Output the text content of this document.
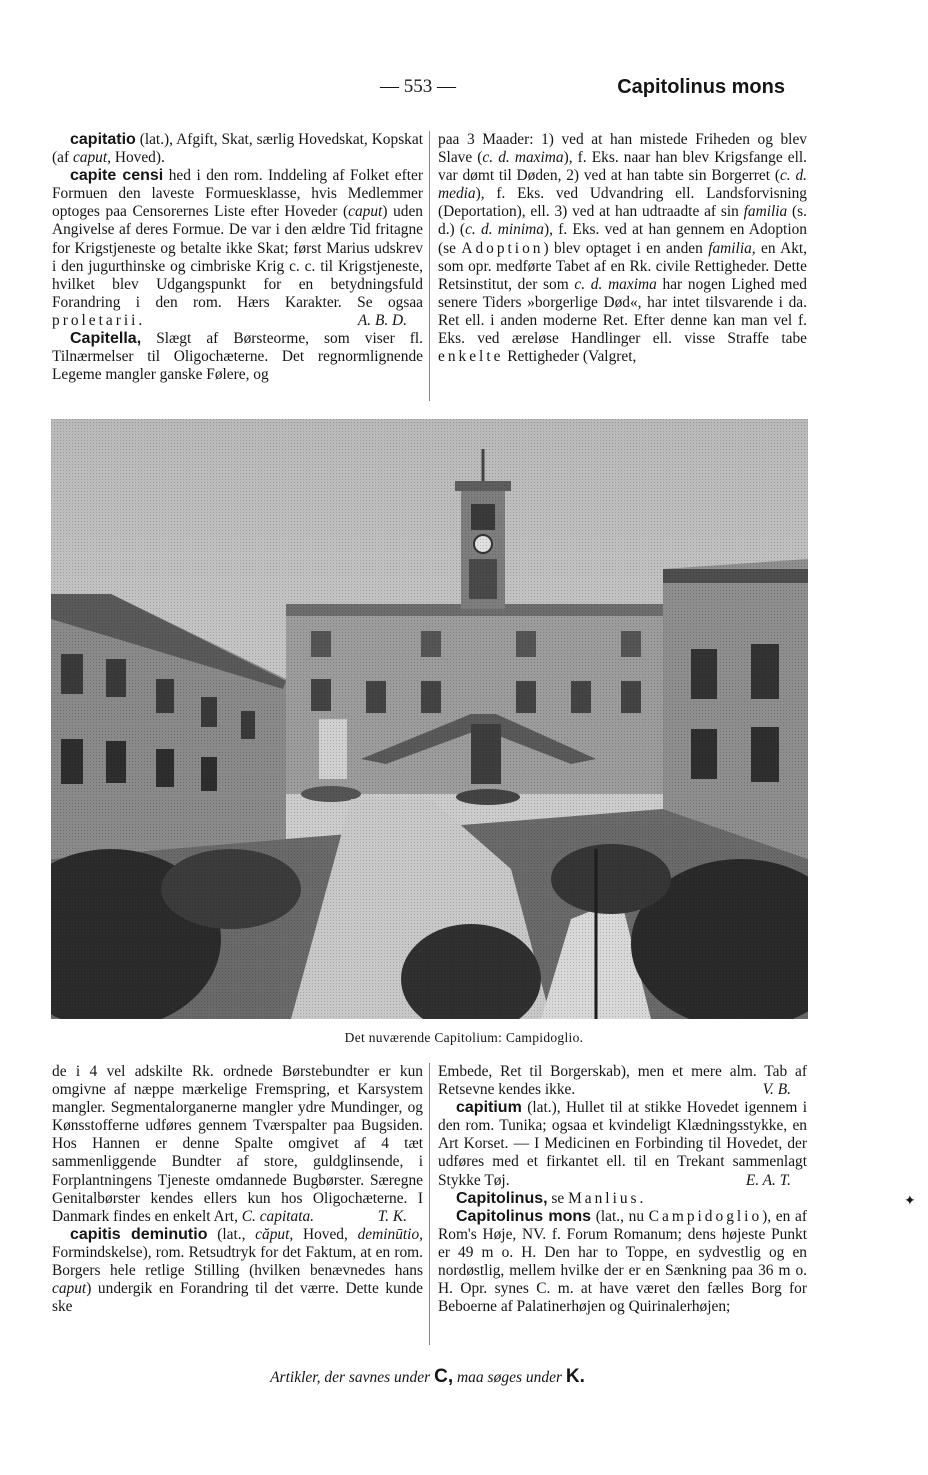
— 553 —	Capitolinus mons

capitatio (lat.), Afgift, Skat, særlig Hovedskat, Kopskat (af caput, Hoved).

capite censi hed i den rom. Inddeling af Folket efter Formuen den laveste Formuesklasse, hvis Medlemmer optoges paa Censorernes Liste efter Hoveder (caput) uden Angivelse af deres Formue. De var i den ældre Tid fritagne for Krigstjeneste og betalte ikke Skat; først Marius udskrev i den jugurthinske og cimbriske Krig c. c. til Krigstjeneste, hvilket blev Udgangspunkt for en betydningsfuld Forandring i den rom. Hærs Karakter. Se ogsaa proletarii.	A. B. D.

Capitella, Slægt af Børsteorme, som viser fl. Tilnærmelser til Oligochæterne. Det regnormlignende Legeme mangler ganske Følere, og

paa 3 Maader: 1) ved at han mistede Friheden og blev Slave (c. d. maxima), f. Eks. naar han blev Krigsfange ell. var dømt til Døden, 2) ved at han tabte sin Borgerret (c. d. media), f. Eks. ved Udvandring ell. Landsforvisning (Deportation), ell. 3) ved at han udtraadte af sin familia (s. d.) (c. d. minima), f. Eks. ved at han gennem en Adoption (se Adoption) blev optaget i en anden familia, en Akt, som opr. medførte Tabet af en Rk. civile Rettigheder. Dette Retsinstitut, der som c. d. maxima har nogen Lighed med senere Tiders »borgerlige Død«, har intet tilsvarende i da. Ret ell. i anden moderne Ret. Efter denne kan man vel f. Eks. ved æreløse Handlinger ell. visse Straffe tabe enkelte Rettigheder (Valgret,

Det nuværende Capitolium: Campidoglio.

de i 4 vel adskilte Rk. ordnede Børstebundter er kun omgivne af næppe mærkelige Fremspring, et Karsystem mangler. Segmentalorganerne mangler ydre Mundinger, og Kønsstofferne udføres gennem Tværspalter paa Bugsiden. Hos Hannen er denne Spalte omgivet af 4 tæt sammenliggende Bundter af store, guldglinsende, i Forplantningens Tjeneste omdannede Bugbørster. Særegne Genitalbørster kendes ellers kun hos Oligochæterne. I Danmark findes en enkelt Art, C. capitata.	T. K.

capitis deminutio (lat., căput, Hoved, deminūtio, Formindskelse), rom. Retsudtryk for det Faktum, at en rom. Borgers hele retlige Stilling (hvilken benævnedes hans caput) undergik en Forandring til det værre. Dette kunde ske

Embede, Ret til Borgerskab), men et mere alm. Tab af Retsevne kendes ikke.	V. B.

capitium (lat.), Hullet til at stikke Hovedet igennem i den rom. Tunika; ogsaa et kvindeligt Klædningsstykke, en Art Korset. — I Medicinen en Forbinding til Hovedet, der udføres med et firkantet ell. til en Trekant sammenlagt Stykke Tøj.	E. A. T.

Capitolinus, se Manlius.

Capitolinus mons (lat., nu Campidoglio), en af Rom's Høje, NV. f. Forum Romanum; dens højeste Punkt er 49 m o. H. Den har to Toppe, en sydvestlig og en nordøstlig, mellem hvilke der er en Sænkning paa 36 m o. H. Opr. synes C. m. at have været den fælles Borg for Beboerne af Palatinerhøjen og Quirinalerhøjen;

Artikler, der savnes under C, maa søges under K.
✦
